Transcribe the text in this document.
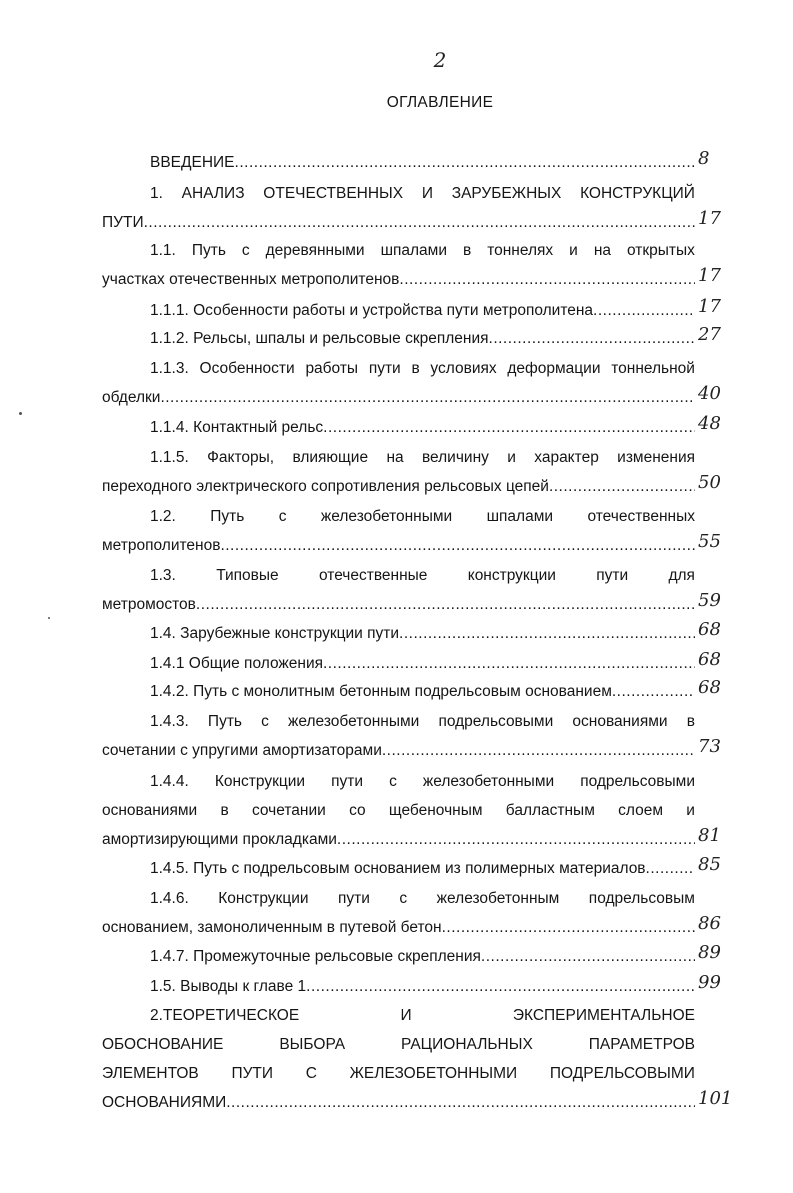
2
ОГЛАВЛЕНИЕ
ВВЕДЕНИЕ .....	8
1. АНАЛИЗ ОТЕЧЕСТВЕННЫХ И ЗАРУБЕЖНЫХ КОНСТРУКЦИЙ
ПУТИ .....	17
1.1. Путь с деревянными шпалами в тоннелях и на открытых
участках отечественных метрополитенов .....	17
1.1.1. Особенности работы и устройства пути метрополитена .....	17
1.1.2. Рельсы, шпалы и рельсовые скрепления .....	27
1.1.3. Особенности работы пути в условиях деформации тоннельной
обделки .....	40
1.1.4. Контактный рельс .....	48
1.1.5. Факторы, влияющие на величину и характер изменения
переходного электрического сопротивления рельсовых цепей .....	50
1.2. Путь с железобетонными шпалами отечественных
метрополитенов .....	55
1.3.	Типовые	отечественные	конструкции	пути	для
метромостов .....	59
1.4. Зарубежные конструкции пути .....	68
1.4.1 Общие положения .....	68
1.4.2. Путь с монолитным бетонным подрельсовым основанием .....	68
1.4.3. Путь с железобетонными подрельсовыми основаниями в
сочетании с упругими амортизаторами .....	73
1.4.4. Конструкции пути с железобетонными подрельсовыми
основаниями в сочетании со щебеночным балластным слоем и
амортизирующими прокладками .....	81
1.4.5. Путь с подрельсовым основанием из полимерных материалов .....	85
1.4.6. Конструкции пути с железобетонным подрельсовым
основанием, замоноличенным в путевой бетон .....	86
1.4.7. Промежуточные рельсовые скрепления .....	89
1.5. Выводы к главе 1 .....	99
2.ТЕОРЕТИЧЕСКОЕ	И	ЭКСПЕРИМЕНТАЛЬНОЕ
ОБОСНОВАНИЕ	ВЫБОРА	РАЦИОНАЛЬНЫХ	ПАРАМЕТРОВ
ЭЛЕМЕНТОВ ПУТИ С ЖЕЛЕЗОБЕТОННЫМИ ПОДРЕЛЬСОВЫМИ
ОСНОВАНИЯМИ .....	101
